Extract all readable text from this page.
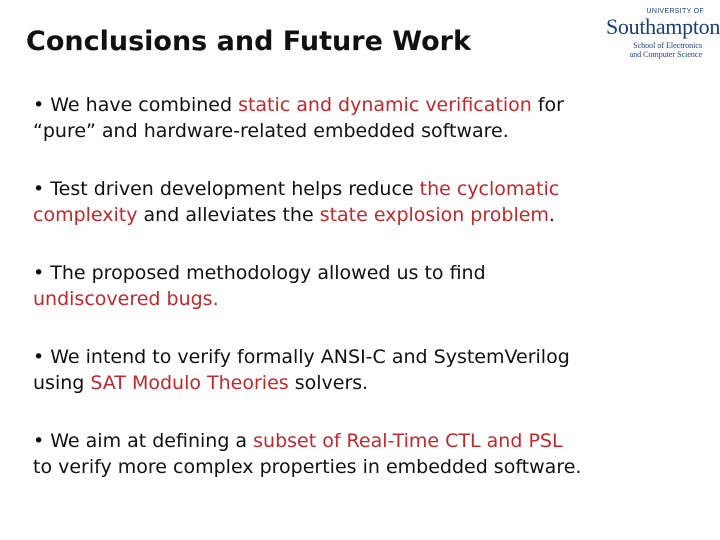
Conclusions and Future Work
UNIVERSITY OF
Southampton
School of Electronics
and Computer Science
• We have combined static and dynamic verification for
“pure” and hardware-related embedded software.
• Test driven development helps reduce the cyclomatic
complexity and alleviates the state explosion problem.
• The proposed methodology allowed us to find
undiscovered bugs.
• We intend to verify formally ANSI-C and SystemVerilog
using SAT Modulo Theories solvers.
• We aim at defining a subset of Real-Time CTL and PSL
to verify more complex properties in embedded software.
